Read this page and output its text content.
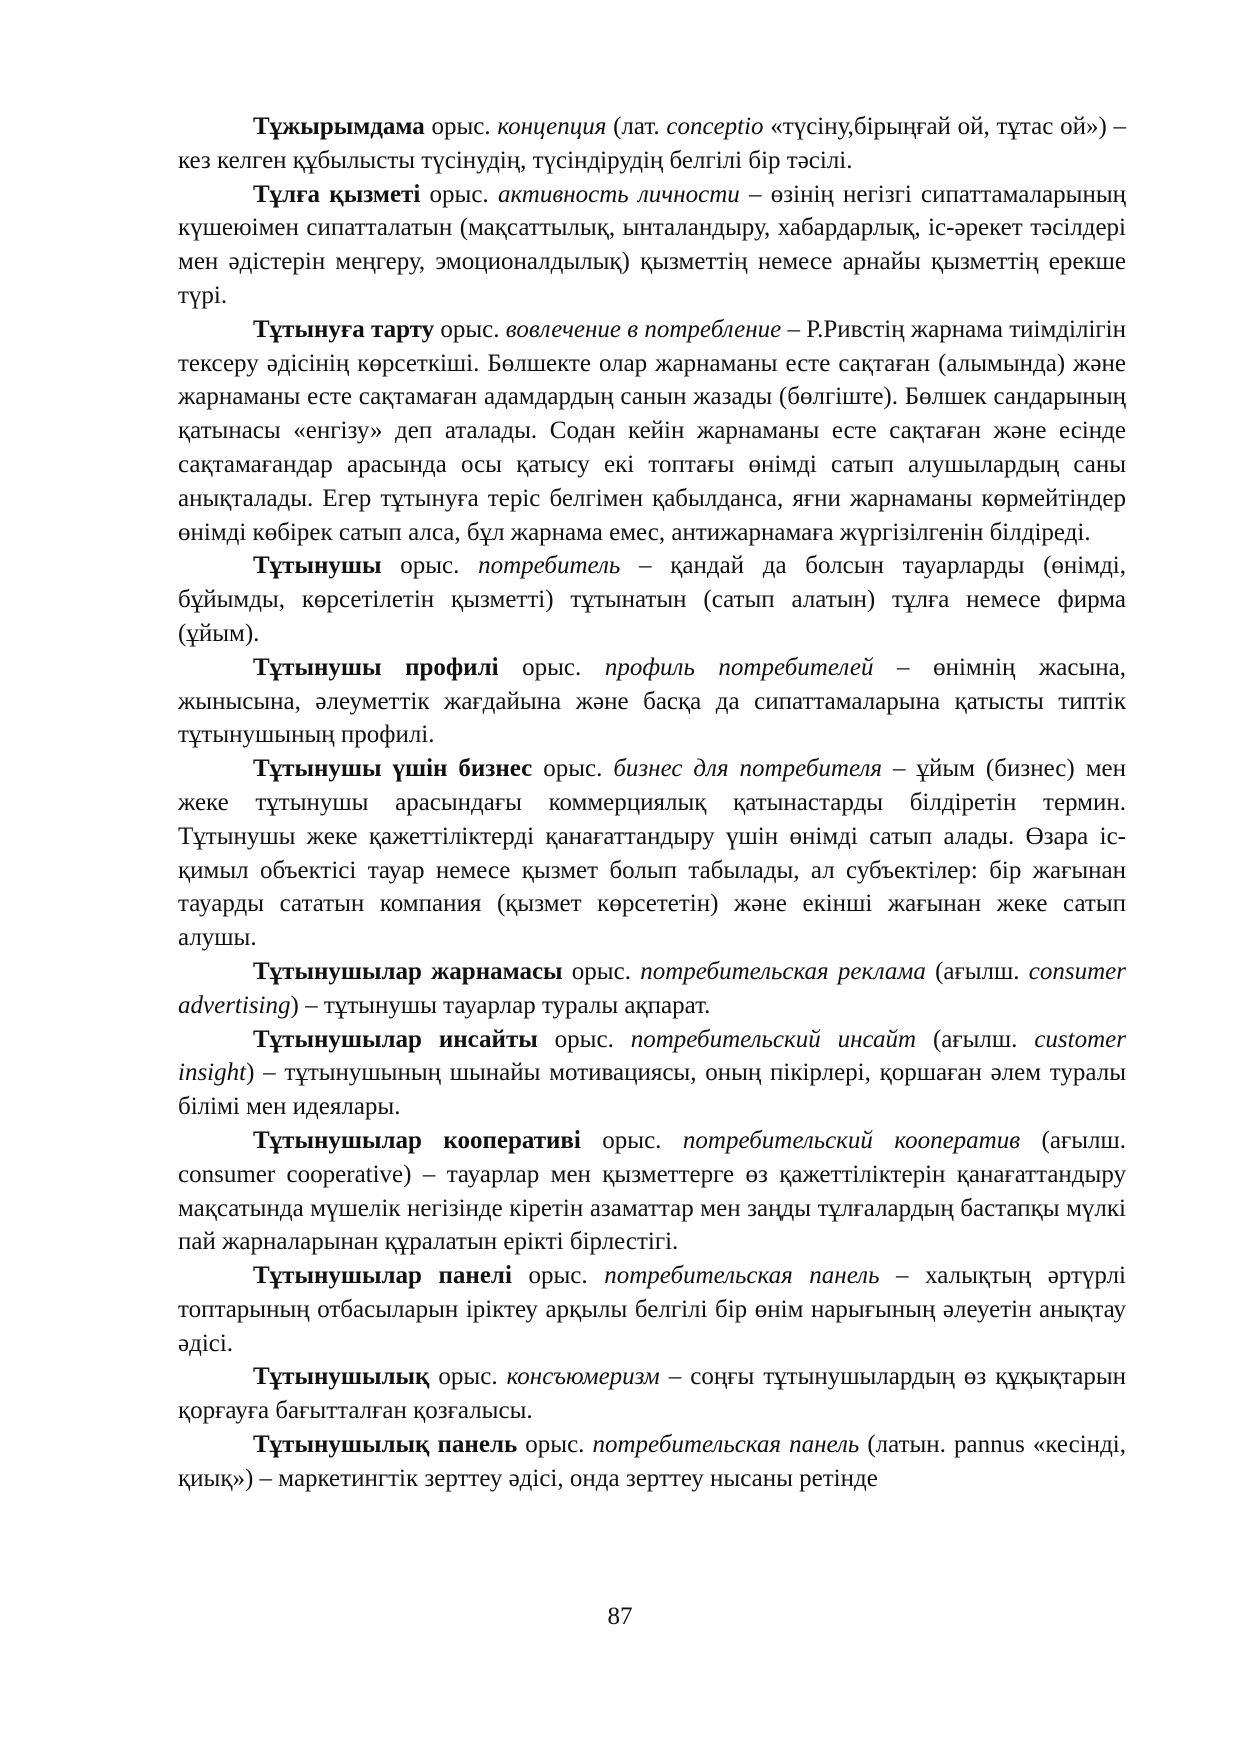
Тұжырымдама орыс. концепция (лат. conceptio «түсіну,бірыңғай ой, тұтас ой») – кез келген құбылысты түсінудің, түсіндірудің белгілі бір тәсілі.

Тұлға қызметі орыс. активность личности – өзінің негізгі сипаттамаларының күшеюімен сипатталатын (мақсаттылық, ынталандыру, хабардарлық, іс-әрекет тәсілдері мен әдістерін меңгеру, эмоционалдылық) қызметтің немесе арнайы қызметтің ерекше түрі.

Тұтынуға тарту орыс. вовлечение в потребление – Р.Ривстің жарнама тиімділігін тексеру әдісінің көрсеткіші. Бөлшекте олар жарнаманы есте сақтаған (алымында) және жарнаманы есте сақтамаған адамдардың санын жазады (бөлгіште). Бөлшек сандарының қатынасы «енгізу» деп аталады. Содан кейін жарнаманы есте сақтаған және есінде сақтамағандар арасында осы қатысу екі топтағы өнімді сатып алушылардың саны анықталады. Егер тұтынуға теріс белгімен қабылданса, яғни жарнаманы көрмейтіндер өнімді көбірек сатып алса, бұл жарнама емес, антижарнамаға жүргізілгенін білдіреді.

Тұтынушы орыс. потребитель – қандай да болсын тауарларды (өнімді, бұйымды, көрсетілетін қызметті) тұтынатын (сатып алатын) тұлға немесе фирма (ұйым).

Тұтынушы профилі орыс. профиль потребителей – өнімнің жасына, жынысына, әлеуметтік жағдайына және басқа да сипаттамаларына қатысты типтік тұтынушының профилі.

Тұтынушы үшін бизнес орыс. бизнес для потребителя – ұйым (бизнес) мен жеке тұтынушы арасындағы коммерциялық қатынастарды білдіретін термин. Тұтынушы жеке қажеттіліктерді қанағаттандыру үшін өнімді сатып алады. Өзара іс-қимыл объектісі тауар немесе қызмет болып табылады, ал субъектілер: бір жағынан тауарды сататын компания (қызмет көрсететін) және екінші жағынан жеке сатып алушы.

Тұтынушылар жарнамасы орыс. потребительская реклама (ағылш. consumer advertising) – тұтынушы тауарлар туралы ақпарат.

Тұтынушылар инсайты орыс. потребительский инсайт (ағылш. customer insight) – тұтынушының шынайы мотивациясы, оның пікірлері, қоршаған әлем туралы білімі мен идеялары.

Тұтынушылар кооперативі орыс. потребительский кооператив (ағылш. consumer cooperative) – тауарлар мен қызметтерге өз қажеттіліктерін қанағаттандыру мақсатында мүшелік негізінде кіретін азаматтар мен заңды тұлғалардың бастапқы мүлкі пай жарналарынан құралатын ерікті бірлестігі.

Тұтынушылар панелі орыс. потребительская панель – халықтың әртүрлі топтарының отбасыларын іріктеу арқылы белгілі бір өнім нарығының әлеуетін анықтау әдісі.

Тұтынушылық орыс. консъюмеризм – соңғы тұтынушылардың өз құқықтарын қорғауға бағытталған қозғалысы.

Тұтынушылық панель орыс. потребительская панель (латын. pannus «кесінді, қиық») – маркетингтік зерттеу әдісі, онда зерттеу нысаны ретінде

87
